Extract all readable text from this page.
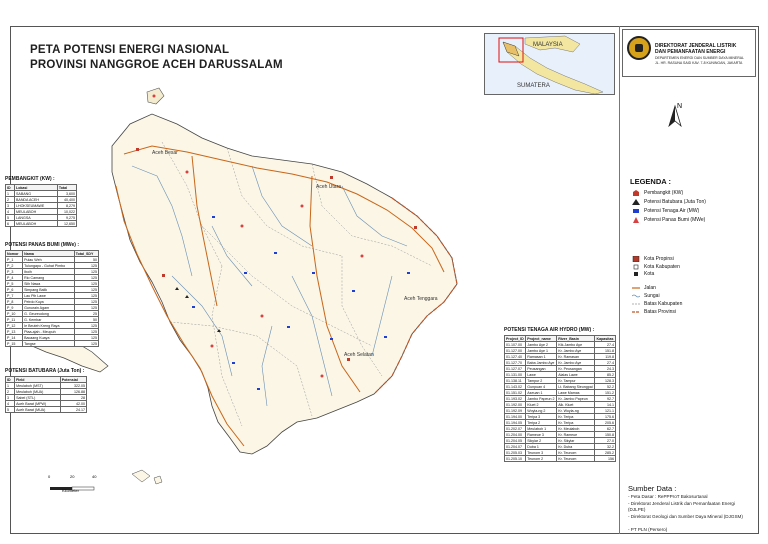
PETA POTENSI ENERGI NASIONAL
PROVINSI NANGGROE ACEH DARUSSALAM
DIREKTORAT JENDERAL LISTRIK
DAN PEMANFAATAN ENERGI
DEPARTEMEN ENERGI DAN SUMBER DAYA MINERAL
JL. HR. RASUNA SAID KAV. 7-8 KUNINGAN, JAKARTA
MALAYSIA
SUMATERA
Aceh Besar
Aceh Utara
Aceh Selatan
Aceh Tenggara
PEMBANGKIT (KW) :
ID	Lokasi	Total
1	SABANG	3,600
2	BANDA ACEH	40,400
3	LHOKSEUMAWE	8,279
4	MEULABOH	10,022
5	LANGSA	9,275
6	MEULABOH	12,650
POTENSI PANAS BUMI (MWe) :
Nomor	Nama	Total_SDY
P_1	Pulau Weh	50
P_2	Tulungapo - Guhat Pimbo	125
P_3	Iboih	125
P_4	Rio Camang	125
P_5	Slih Nawa	125
P_6	Simpang Balik	125
P_7	Lau Pih Lawe	125
P_8	Peirdo Kuya	125
P_9	Gunurain Agam	125
P_10	G. Geureudong	25
P_11	G. Kembar	50
P_12	Ie Beuteh Kreng Raya	125
P_13	Ptaa-ajah - Meupuh	125
P_14	Bacaang Kuaya	125
P_15	Tangse	125
POTENSI BATUBARA (Juta Ton) :
ID	Field	Potensial
1	Meulaboh (MST)	322.05
2	Meulaboh (MUA)	126.88
3	Sabel (STL)	28
4	Aceh Barat (MPW)	42.00
5	Aceh Barat (MUA)	24.17
POTENSI TENAGA AIR HYDRO (MW) :
Project_ID	Project_name	River_Basin	Kapasitas
01.107.00	Jambo Aye 2	Ktk.Jambo Aye	27.4
01.127.00	Jambo Aye 1	Kr. Jambo Aye	151.8
01.127.40	Ramasan 1	Kr. Ramasan	119.8
01.127.70	Baba Jambo Aye	Kr. Jambo Aye	27.4
01.127.07	Peusangan	Kr. Peusangan	24.3
01.131.00	Lawe	Alalas Lawe	85.2
01.138.11	Tampur 2	Kr. Tampur	128.3
01.143.02	Gunpuan 4	Lt. Babang Sieungpai	52.2
01.151.02	Aseuan 1	Lawe Mamas	151.2
01.193.02	Jambo Papeun 2	Kr. Jambo Papeun	92.7
01.192.00	Kluet 2	Alk. Kluet	14.1
01.192.09	Woyla-ng 2	Kr. Woyla-ng	121.1
01.194.00	Teripa 3	Kr. Teripa	175.6
01.194.05	Teripa 2	Kr. Teripa	205.6
01.202.07	Meulaboh 1	Kr. Meulaboh	62.7
01.204.00	Rameue 3	Kr. Rameue	150.8
01.204.05	Sikylar 2	Kr. Sikylar	27.0
01.204.07	Duba 1	Kr. Duba	32.2
01.205.03	Teunom 3	Kr. Teunom	285.2
01.205.10	Teunom 2	Kr. Teunom	156
N
LEGENDA :
Pembangkit (KW)
Potensi Batubara (Juta Ton)
Potensi Tenaga Air (MW)
Potensi Panas Bumi (MWe)
Kota Propinsi
Kota Kabupaten
Kota
Jalan
Sungai
Batas Kabupaten
Batas Provinsi
0	20	40
Kilometer	Sumber Data :
- Peta Dasar : RePPProT Bakosurtanal
- Direktorat Jenderal Listrik dan Pemanfaatan Energi (DJLPE)
- Direktorat Geologi dan Sumber Daya Mineral (DJGSM)
- PT PLN (Persero)
